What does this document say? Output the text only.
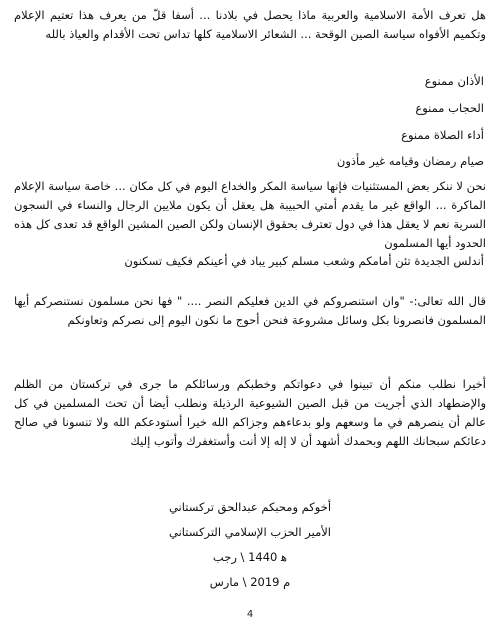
هل تعرف الأمة الاسلامية والعربية ماذا يحصل في بلادنا ... أسفا قلّ من يعرف هذا تعتيم الإعلام وتكميم الأفواه سياسة الصين الوقحة ... الشعائر الاسلامية كلها تداس تحت الأقدام والعياذ بالله
الأذان ممنوع
الحجاب ممنوع
أداء الصلاة ممنوع
صيام رمضان وقيامه غير مأذون
نحن لا ننكر بعض المستثنيات فإنها سياسة المكر والخداع اليوم في كل مكان ... خاصة سياسة الإعلام الماكرة ... الواقع غير ما يقدم أمتي الحبيبة هل يعقل أن يكون ملايين الرجال والنساء في السجون السرية نعم لا يعقل هذا في دول تعترف بحقوق الإنسان ولكن الصين المشين الواقع قد تعدى كل هذه الحدود أيها المسلمون
أندلس الجديدة تئن أمامكم وشعب مسلم كبير يباد في أعينكم فكيف تسكنون
قال الله تعالى:- "وان استنصروكم في الدين فعليكم النصر .... " فها نحن مسلمون نستنصركم أيها المسلمون فانصرونا بكل وسائل مشروعة فنحن أحوج ما نكون اليوم إلى نصركم وتعاونكم
أخيرا نطلب منكم أن تبينوا في دعواتكم وخطبكم ورسائلكم ما جرى في تركستان من الظلم والإضطهاد الذي أجريت من قبل الصين الشيوعية الرذيلة ونطلب أيضا أن تحث المسلمين في كل عالم أن ينصرهم في ما وسعهم ولو بدعاءهم وجزاكم الله خيرا أستودعكم الله ولا تنسونا في صالح دعائكم سبحانك اللهم وبحمدك أشهد أن لا إله إلا أنت وأستغفرك وأتوب إليك
أخوكم ومحبكم عبدالحق تركستاني
الأمير الحزب الإسلامي التركستاني
ﻫ 1440 \ رجب
م 2019 \ مارس
4
